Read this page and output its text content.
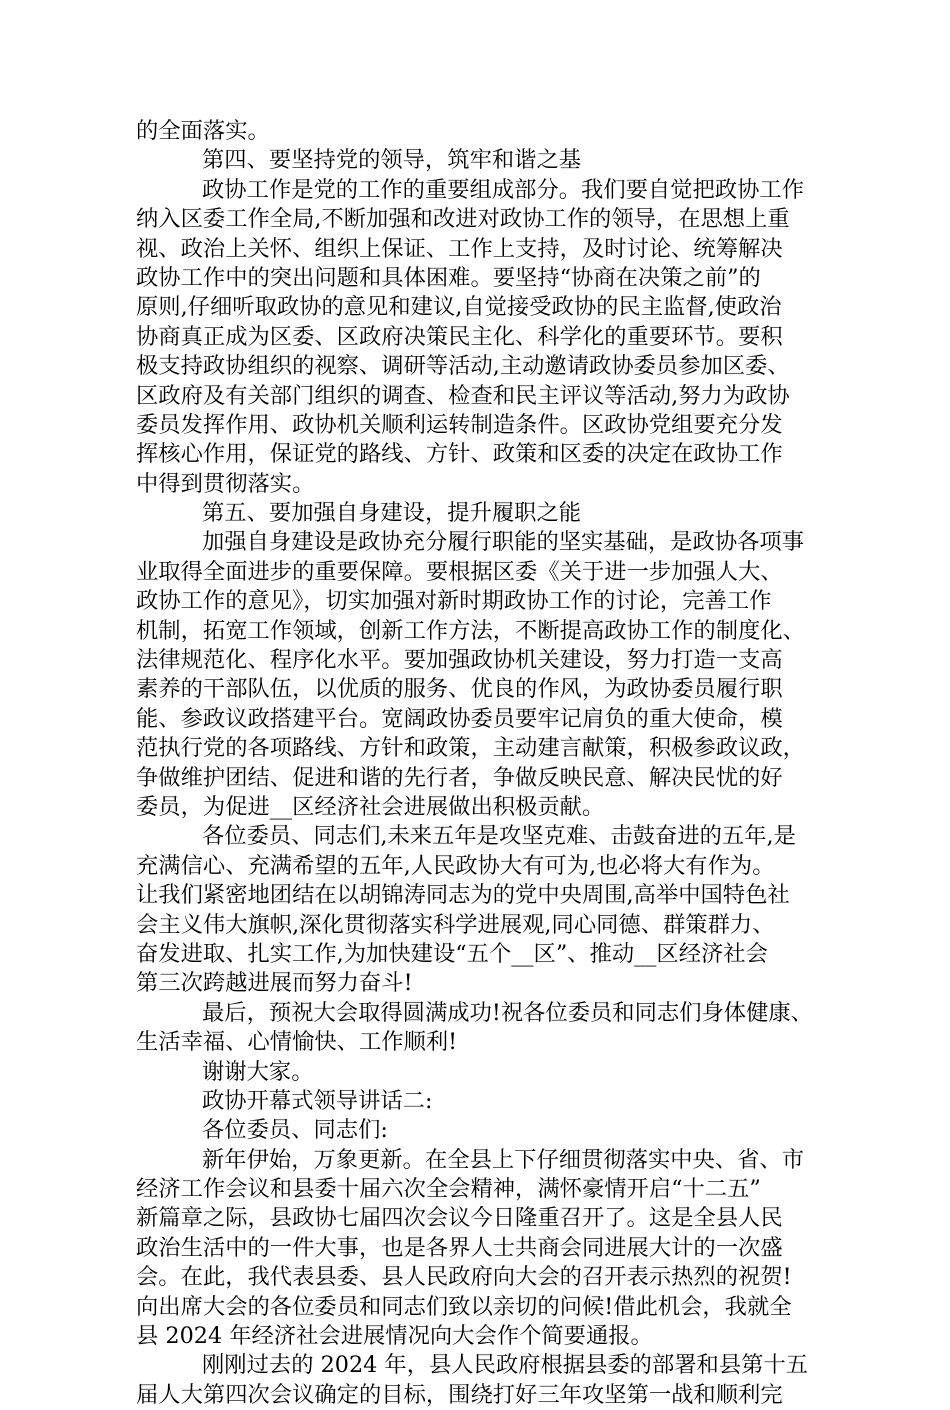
的全面落实。
第四、要坚持党的领导，筑牢和谐之基
政协工作是党的工作的重要组成部分。我们要自觉把政协工作
纳入区委工作全局,不断加强和改进对政协工作的领导，在思想上重
视、政治上关怀、组织上保证、工作上支持，及时讨论、统筹解决
政协工作中的突出问题和具体困难。要坚持“协商在决策之前”的
原则,仔细听取政协的意见和建议,自觉接受政协的民主监督,使政治
协商真正成为区委、区政府决策民主化、科学化的重要环节。要积
极支持政协组织的视察、调研等活动,主动邀请政协委员参加区委、
区政府及有关部门组织的调查、检查和民主评议等活动,努力为政协
委员发挥作用、政协机关顺利运转制造条件。区政协党组要充分发
挥核心作用，保证党的路线、方针、政策和区委的决定在政协工作
中得到贯彻落实。
第五、要加强自身建设，提升履职之能
加强自身建设是政协充分履行职能的坚实基础，是政协各项事
业取得全面进步的重要保障。要根据区委《关于进一步加强人大、
政协工作的意见》，切实加强对新时期政协工作的讨论，完善工作
机制，拓宽工作领域，创新工作方法，不断提高政协工作的制度化、
法律规范化、程序化水平。要加强政协机关建设，努力打造一支高
素养的干部队伍，以优质的服务、优良的作风，为政协委员履行职
能、参政议政搭建平台。宽阔政协委员要牢记肩负的重大使命，模
范执行党的各项路线、方针和政策，主动建言献策，积极参政议政，
争做维护团结、促进和谐的先行者，争做反映民意、解决民忧的好
委员，为促进__区经济社会进展做出积极贡献。
各位委员、同志们,未来五年是攻坚克难、击鼓奋进的五年,是
充满信心、充满希望的五年,人民政协大有可为,也必将大有作为。
让我们紧密地团结在以胡锦涛同志为的党中央周围,高举中国特色社
会主义伟大旗帜,深化贯彻落实科学进展观,同心同德、群策群力、
奋发进取、扎实工作,为加快建设“五个__区”、推动__区经济社会
第三次跨越进展而努力奋斗!
最后，预祝大会取得圆满成功!祝各位委员和同志们身体健康、
生活幸福、心情愉快、工作顺利!
谢谢大家。
政协开幕式领导讲话二:
各位委员、同志们:
新年伊始，万象更新。在全县上下仔细贯彻落实中央、省、市
经济工作会议和县委十届六次全会精神，满怀豪情开启“十二五”
新篇章之际，县政协七届四次会议今日隆重召开了。这是全县人民
政治生活中的一件大事，也是各界人士共商会同进展大计的一次盛
会。在此，我代表县委、县人民政府向大会的召开表示热烈的祝贺!
向出席大会的各位委员和同志们致以亲切的问候!借此机会，我就全
县 2024 年经济社会进展情况向大会作个简要通报。
刚刚过去的 2024 年，县人民政府根据县委的部署和县第十五
届人大第四次会议确定的目标，围绕打好三年攻坚第一战和顺利完
